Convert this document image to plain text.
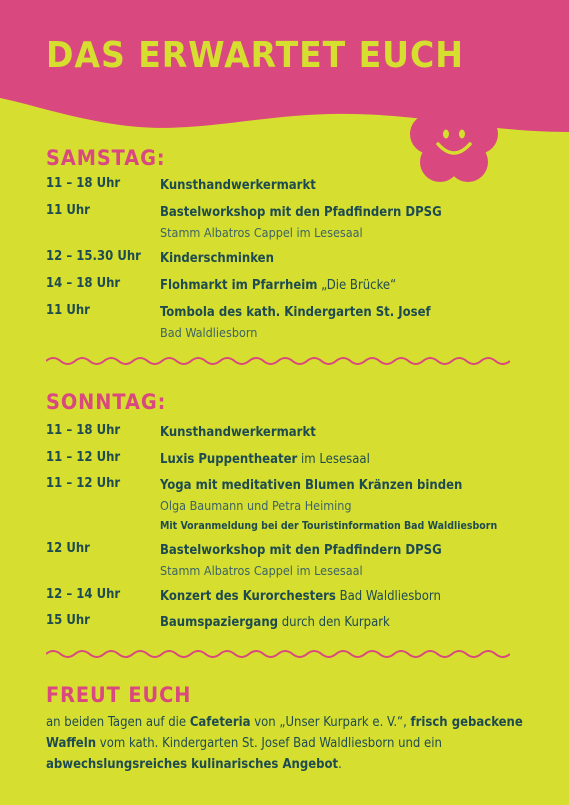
DAS ERWARTET EUCH
SAMSTAG:
11 – 18 Uhr	Kunsthandwerkermarkt
11 Uhr	Bastelworkshop mit den Pfadfindern DPSG
Stamm Albatros Cappel im Lesesaal
12 – 15.30 Uhr Kinderschminken
14 – 18 Uhr	Flohmarkt im Pfarrheim „Die Brücke“
11 Uhr	Tombola des kath. Kindergarten St. Josef
Bad Waldliesborn
SONNTAG:
11 – 18 Uhr	Kunsthandwerkermarkt
11 – 12 Uhr	Luxis Puppentheater im Lesesaal
11 – 12 Uhr	Yoga mit meditativen Blumen Kränzen binden
Olga Baumann und Petra Heiming
Mit Voranmeldung bei der Touristinformation Bad Waldliesborn
12 Uhr	Bastelworkshop mit den Pfadfindern DPSG
Stamm Albatros Cappel im Lesesaal
12 – 14 Uhr	Konzert des Kurorchesters Bad Waldliesborn
15 Uhr	Baumspaziergang durch den Kurpark
FREUT EUCH
an beiden Tagen auf die Cafeteria von „Unser Kurpark e. V.“, frisch gebackene Waffeln vom kath. Kindergarten St. Josef Bad Waldliesborn und ein abwechslungsreiches kulinarisches Angebot.
